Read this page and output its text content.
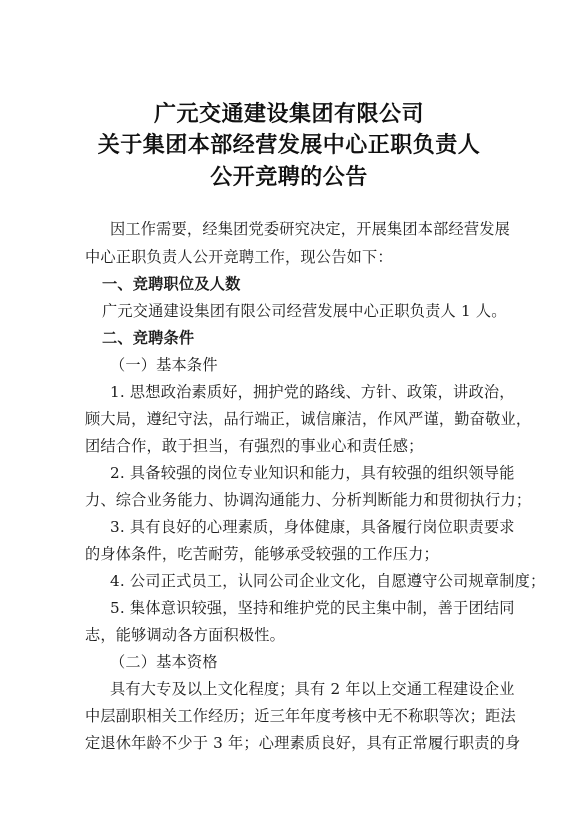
广元交通建设集团有限公司
关于集团本部经营发展中心正职负责人
公开竞聘的公告
因工作需要，经集团党委研究决定，开展集团本部经营发展
中心正职负责人公开竞聘工作，现公告如下：
一、竞聘职位及人数
广元交通建设集团有限公司经营发展中心正职负责人 1 人。
二、竞聘条件
（一）基本条件
1. 思想政治素质好，拥护党的路线、方针、政策，讲政治，
顾大局，遵纪守法，品行端正，诚信廉洁，作风严谨，勤奋敬业，
团结合作，敢于担当，有强烈的事业心和责任感；
2. 具备较强的岗位专业知识和能力，具有较强的组织领导能
力、综合业务能力、协调沟通能力、分析判断能力和贯彻执行力；
3. 具有良好的心理素质，身体健康，具备履行岗位职责要求
的身体条件，吃苦耐劳，能够承受较强的工作压力；
4. 公司正式员工，认同公司企业文化，自愿遵守公司规章制度；
5. 集体意识较强，坚持和维护党的民主集中制，善于团结同
志，能够调动各方面积极性。
（二）基本资格
具有大专及以上文化程度；具有 2 年以上交通工程建设企业
中层副职相关工作经历；近三年年度考核中无不称职等次；距法
定退休年龄不少于 3 年；心理素质良好，具有正常履行职责的身
